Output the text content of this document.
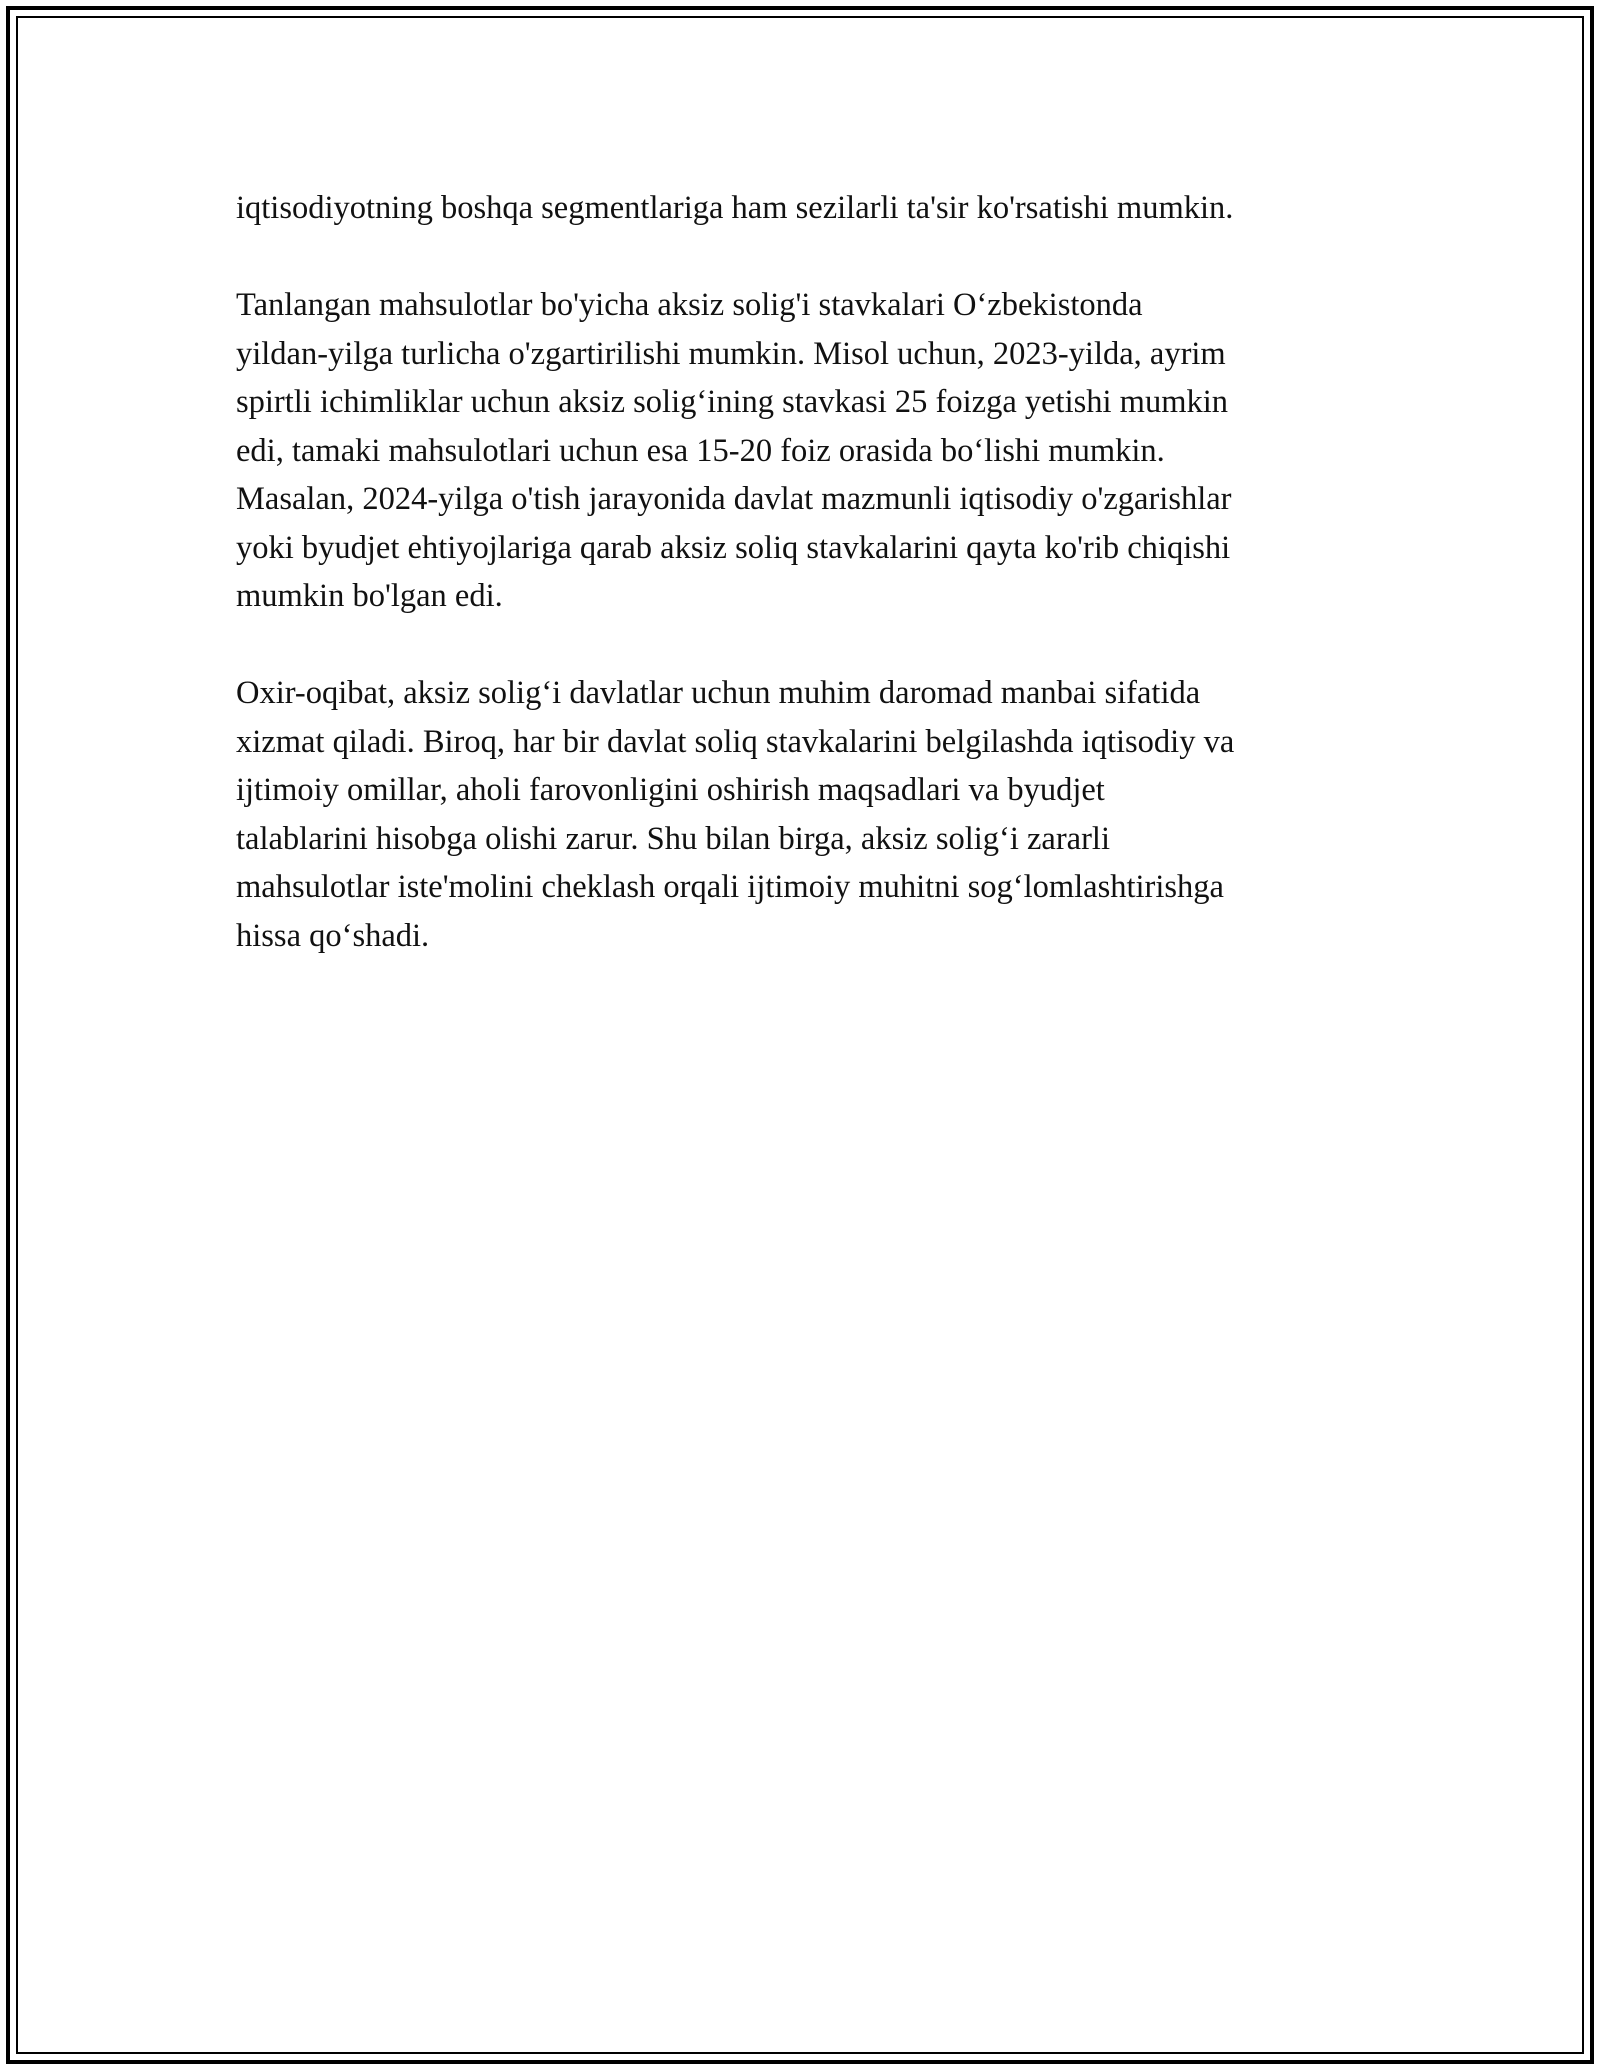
iqtisodiyotning boshqa segmentlariga ham sezilarli ta'sir ko'rsatishi mumkin.

Tanlangan mahsulotlar bo'yicha aksiz solig'i stavkalari O‘zbekistonda
yildan-yilga turlicha o'zgartirilishi mumkin. Misol uchun, 2023-yilda, ayrim
spirtli ichimliklar uchun aksiz solig‘ining stavkasi 25 foizga yetishi mumkin
edi, tamaki mahsulotlari uchun esa 15-20 foiz orasida bo‘lishi mumkin.
Masalan, 2024-yilga o'tish jarayonida davlat mazmunli iqtisodiy o'zgarishlar
yoki byudjet ehtiyojlariga qarab aksiz soliq stavkalarini qayta ko'rib chiqishi
mumkin bo'lgan edi.

Oxir-oqibat, aksiz solig‘i davlatlar uchun muhim daromad manbai sifatida
xizmat qiladi. Biroq, har bir davlat soliq stavkalarini belgilashda iqtisodiy va
ijtimoiy omillar, aholi farovonligini oshirish maqsadlari va byudjet
talablarini hisobga olishi zarur. Shu bilan birga, aksiz solig‘i zararli
mahsulotlar iste'molini cheklash orqali ijtimoiy muhitni sog‘lomlashtirishga
hissa qo‘shadi.
